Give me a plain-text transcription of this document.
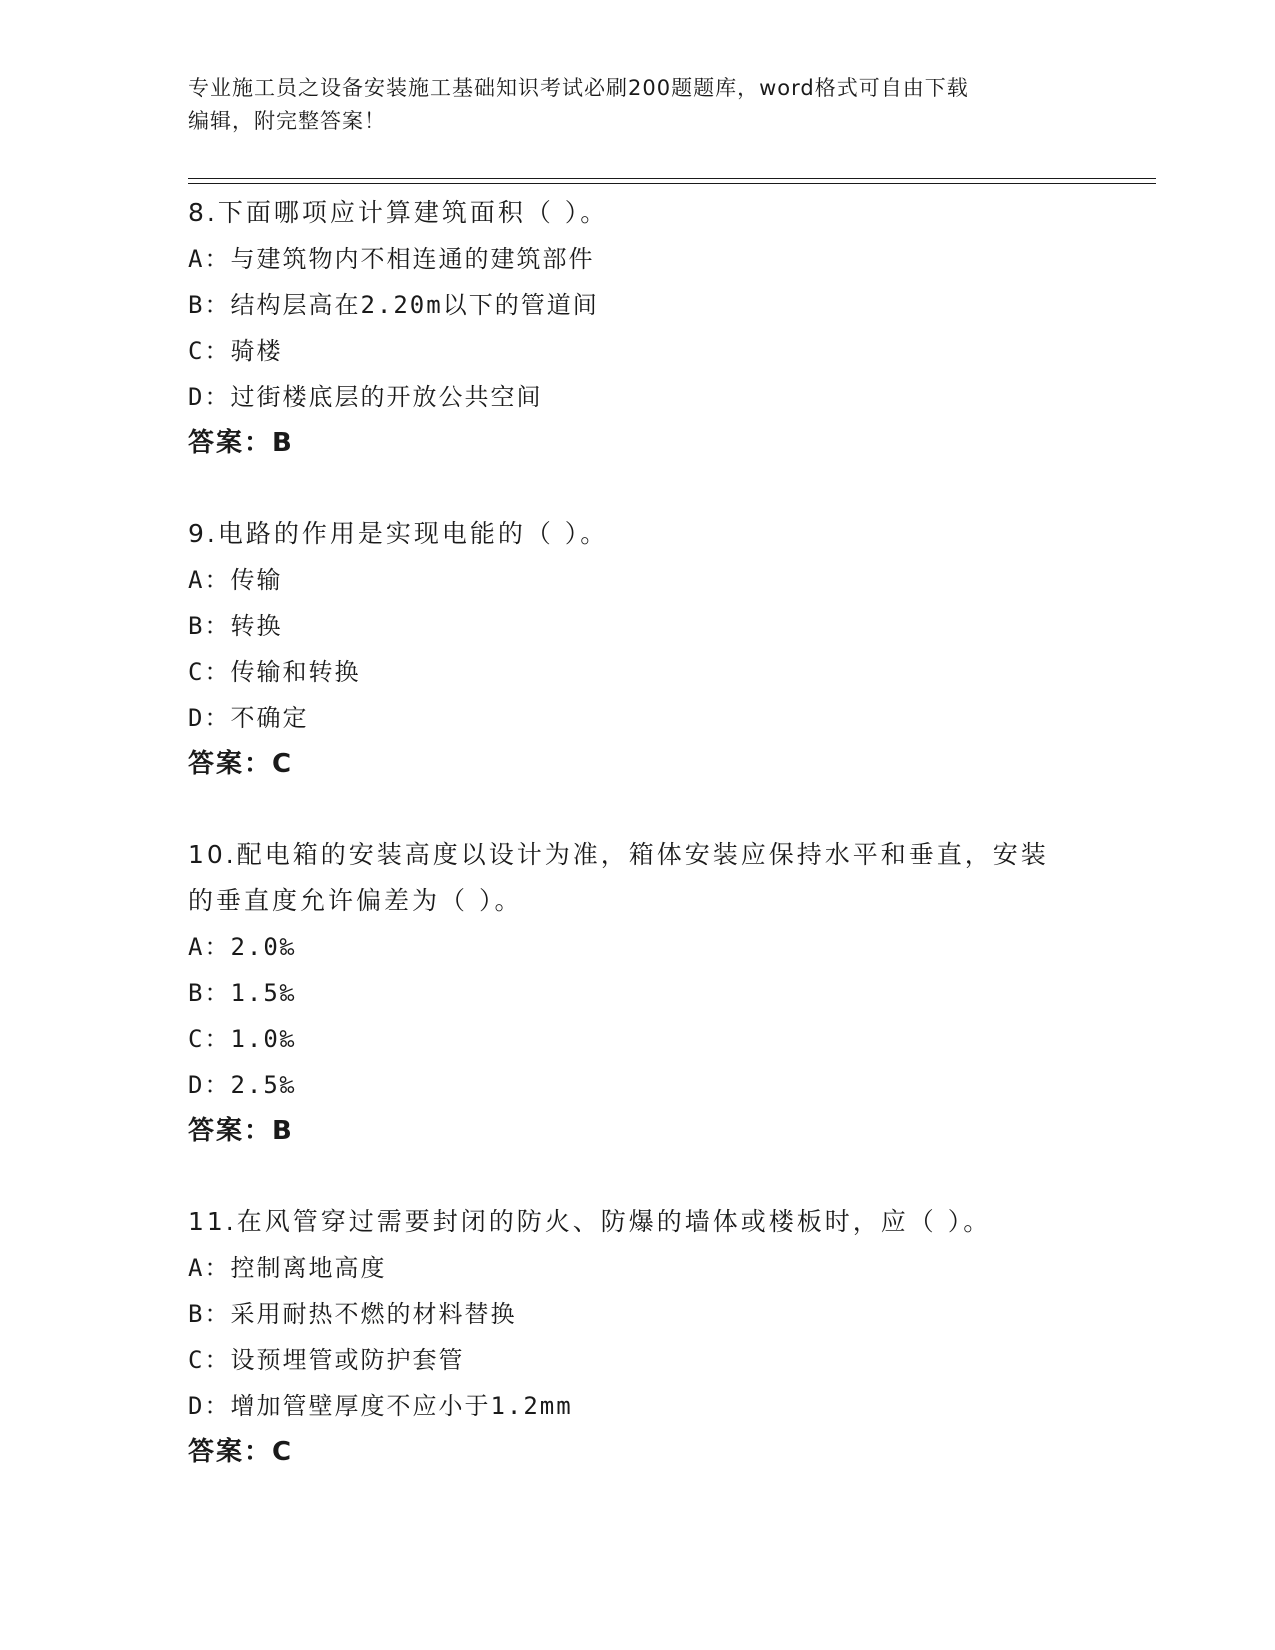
专业施工员之设备安装施工基础知识考试必刷200题题库，word格式可自由下载
编辑，附完整答案！
8.下面哪项应计算建筑面积（ ）。
A：与建筑物内不相连通的建筑部件
B：结构层高在2.20m以下的管道间
C：骑楼
D：过街楼底层的开放公共空间
答案：B
9.电路的作用是实现电能的（ ）。
A：传输
B：转换
C：传输和转换
D：不确定
答案：C
10.配电箱的安装高度以设计为准，箱体安装应保持水平和垂直，安装
的垂直度允许偏差为（ ）。
A：2.0‰
B：1.5‰
C：1.0‰
D：2.5‰
答案：B
11.在风管穿过需要封闭的防火、防爆的墙体或楼板时，应（ ）。
A：控制离地高度
B：采用耐热不燃的材料替换
C：设预埋管或防护套管
D：增加管壁厚度不应小于1.2mm
答案：C
